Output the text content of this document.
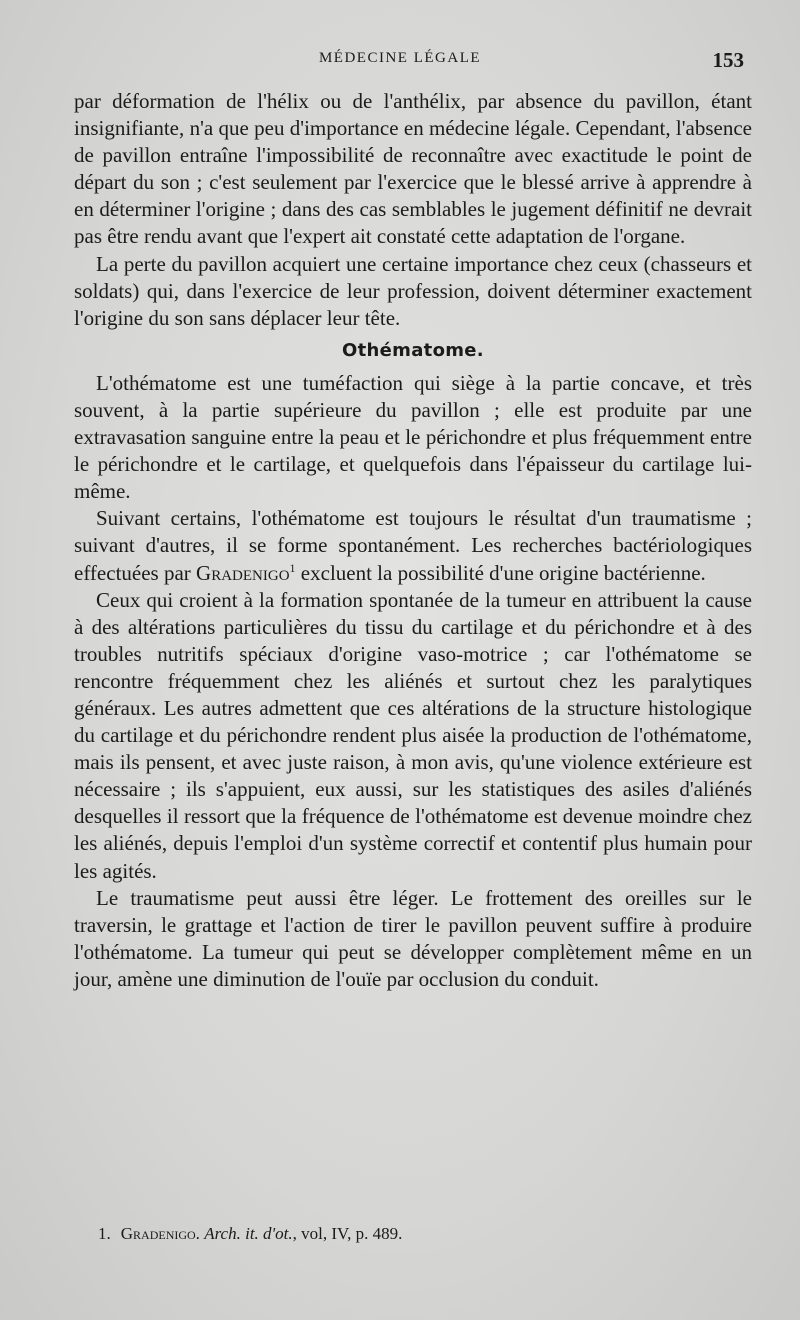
MÉDECINE LÉGALE	153

par déformation de l'hélix ou de l'anthélix, par absence du pavillon, étant insignifiante, n'a que peu d'importance en médecine légale. Cependant, l'absence de pavillon entraîne l'impossibilité de reconnaître avec exactitude le point de départ du son ; c'est seulement par l'exercice que le blessé arrive à apprendre à en déterminer l'origine ; dans des cas semblables le jugement définitif ne devrait pas être rendu avant que l'expert ait constaté cette adaptation de l'organe.

La perte du pavillon acquiert une certaine importance chez ceux (chasseurs et soldats) qui, dans l'exercice de leur profession, doivent déterminer exactement l'origine du son sans déplacer leur tête.

Othématome.

L'othématome est une tuméfaction qui siège à la partie concave, et très souvent, à la partie supérieure du pavillon ; elle est produite par une extravasation sanguine entre la peau et le périchondre et plus fréquemment entre le périchondre et le cartilage, et quelquefois dans l'épaisseur du cartilage lui-même.

Suivant certains, l'othématome est toujours le résultat d'un traumatisme ; suivant d'autres, il se forme spontanément. Les recherches bactériologiques effectuées par Gradenigo$^1$ excluent la possibilité d'une origine bactérienne.

Ceux qui croient à la formation spontanée de la tumeur en attribuent la cause à des altérations particulières du tissu du cartilage et du périchondre et à des troubles nutritifs spéciaux d'origine vaso-motrice ; car l'othématome se rencontre fréquemment chez les aliénés et surtout chez les paralytiques généraux. Les autres admettent que ces altérations de la structure histologique du cartilage et du périchondre rendent plus aisée la production de l'othématome, mais ils pensent, et avec juste raison, à mon avis, qu'une violence extérieure est nécessaire ; ils s'appuient, eux aussi, sur les statistiques des asiles d'aliénés desquelles il ressort que la fréquence de l'othématome est devenue moindre chez les aliénés, depuis l'emploi d'un système correctif et contentif plus humain pour les agités.

Le traumatisme peut aussi être léger. Le frottement des oreilles sur le traversin, le grattage et l'action de tirer le pavillon peuvent suffire à produire l'othématome. La tumeur qui peut se développer complètement même en un jour, amène une diminution de l'ouïe par occlusion du conduit.

1. Gradenigo. Arch. it. d'ot., vol, IV, p. 489.
